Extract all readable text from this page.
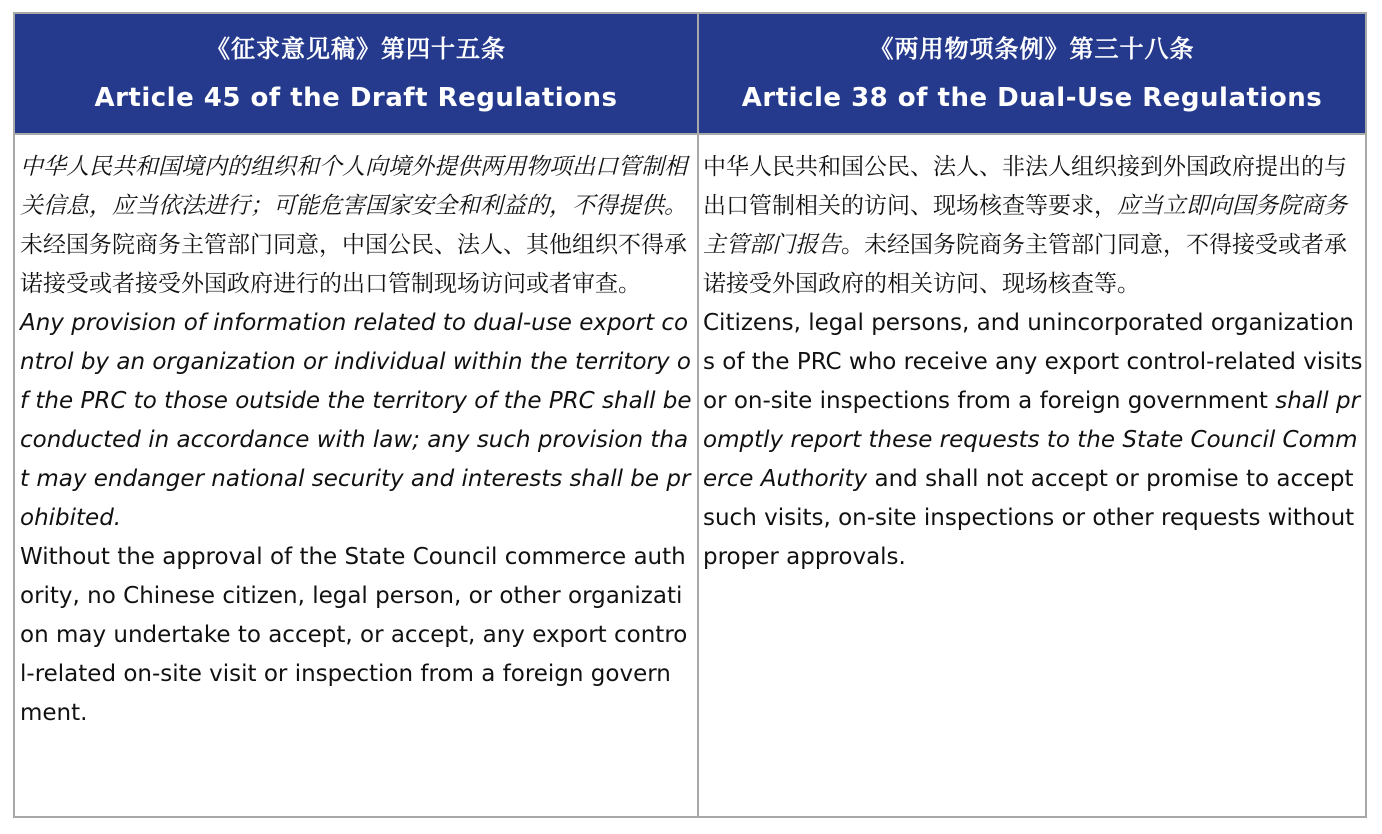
《征求意见稿》第四十五条
Article 45 of the Draft Regulations
《两用物项条例》第三十八条
Article 38 of the Dual-Use Regulations

中华人民共和国境内的组织和个人向境外提供两用物项出口管制相关信息，应当依法进行；可能危害国家安全和利益的，不得提供。

未经国务院商务主管部门同意，中国公民、法人、其他组织不得承诺接受或者接受外国政府进行的出口管制现场访问或者审查。

Any provision of information related to dual-use export control by an organization or individual within the territory of the PRC to those outside the territory of the PRC shall be conducted in accordance with law; any such provision that may endanger national security and interests shall be prohibited.

Without the approval of the State Council commerce authority, no Chinese citizen, legal person, or other organization may undertake to accept, or accept, any export control-related on-site visit or inspection from a foreign government.

中华人民共和国公民、法人、非法人组织接到外国政府提出的与出口管制相关的访问、现场核查等要求，应当立即向国务院商务主管部门报告。未经国务院商务主管部门同意，不得接受或者承诺接受外国政府的相关访问、现场核查等。

Citizens, legal persons, and unincorporated organizations of the PRC who receive any export control-related visits or on-site inspections from a foreign government shall promptly report these requests to the State Council Commerce Authority and shall not accept or promise to accept such visits, on-site inspections or other requests without proper approvals.
